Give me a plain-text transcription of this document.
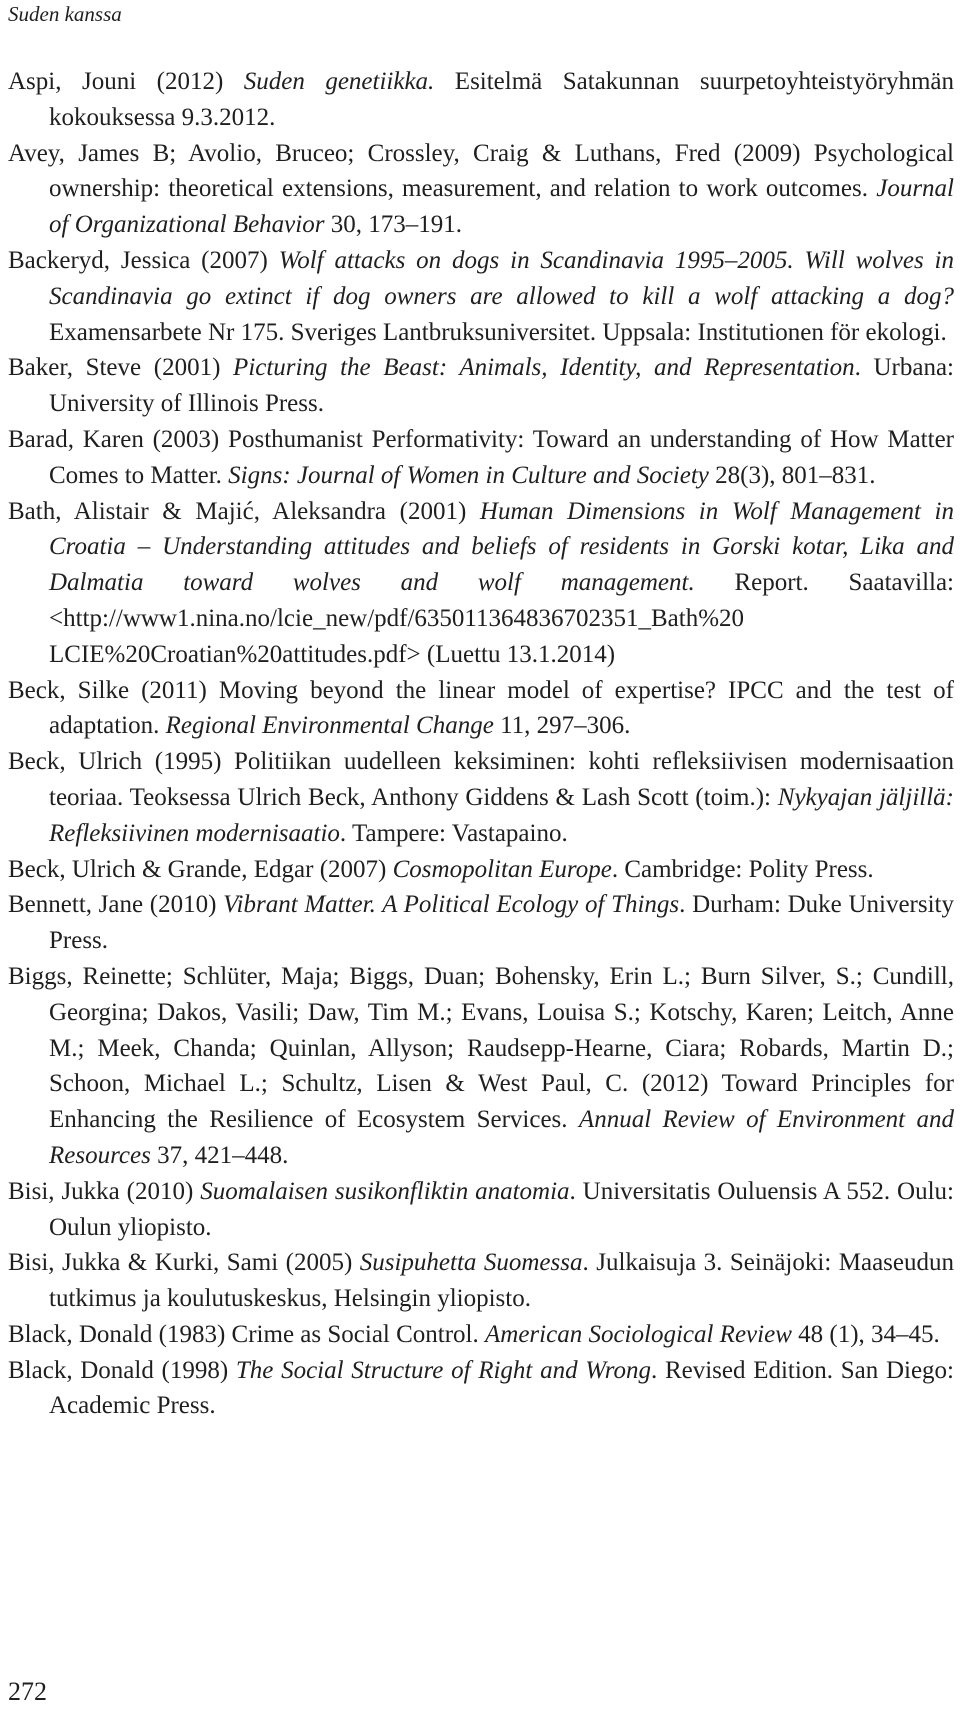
Suden kanssa
Aspi, Jouni (2012) Suden genetiikka. Esitelmä Satakunnan suurpetoyhteistyöryhmän kokouksessa 9.3.2012.
Avey, James B; Avolio, Bruceo; Crossley, Craig & Luthans, Fred (2009) Psychological ownership: theoretical extensions, measurement, and relation to work outcomes. Journal of Organizational Behavior 30, 173–191.
Backeryd, Jessica (2007) Wolf attacks on dogs in Scandinavia 1995–2005. Will wolves in Scandinavia go extinct if dog owners are allowed to kill a wolf attacking a dog? Examensarbete Nr 175. Sveriges Lantbruksuniversitet. Uppsala: Institutionen för ekologi.
Baker, Steve (2001) Picturing the Beast: Animals, Identity, and Representation. Urbana: University of Illinois Press.
Barad, Karen (2003) Posthumanist Performativity: Toward an understanding of How Matter Comes to Matter. Signs: Journal of Women in Culture and Society 28(3), 801–831.
Bath, Alistair & Majić, Aleksandra (2001) Human Dimensions in Wolf Management in Croatia – Understanding attitudes and beliefs of residents in Gorski kotar, Lika and Dalmatia toward wolves and wolf management. Report. Saatavilla: <http://www1.nina.no/lcie_new/pdf/635011364836702351_Bath%20 LCIE%20Croatian%20attitudes.pdf> (Luettu 13.1.2014)
Beck, Silke (2011) Moving beyond the linear model of expertise? IPCC and the test of adaptation. Regional Environmental Change 11, 297–306.
Beck, Ulrich (1995) Politiikan uudelleen keksiminen: kohti refleksiivisen modernisaation teoriaa. Teoksessa Ulrich Beck, Anthony Giddens & Lash Scott (toim.): Nykyajan jäljillä: Refleksiivinen modernisaatio. Tampere: Vastapaino.
Beck, Ulrich & Grande, Edgar (2007) Cosmopolitan Europe. Cambridge: Polity Press.
Bennett, Jane (2010) Vibrant Matter. A Political Ecology of Things. Durham: Duke University Press.
Biggs, Reinette; Schlüter, Maja; Biggs, Duan; Bohensky, Erin L.; Burn Silver, S.; Cundill, Georgina; Dakos, Vasili; Daw, Tim M.; Evans, Louisa S.; Kotschy, Karen; Leitch, Anne M.; Meek, Chanda; Quinlan, Allyson; Raudsepp-Hearne, Ciara; Robards, Martin D.; Schoon, Michael L.; Schultz, Lisen & West Paul, C. (2012) Toward Principles for Enhancing the Resilience of Ecosystem Services. Annual Review of Environment and Resources 37, 421–448.
Bisi, Jukka (2010) Suomalaisen susikonfliktin anatomia. Universitatis Ouluensis A 552. Oulu: Oulun yliopisto.
Bisi, Jukka & Kurki, Sami (2005) Susipuhetta Suomessa. Julkaisuja 3. Seinäjoki: Maaseudun tutkimus ja koulutuskeskus, Helsingin yliopisto.
Black, Donald (1983) Crime as Social Control. American Sociological Review 48 (1), 34–45.
Black, Donald (1998) The Social Structure of Right and Wrong. Revised Edition. San Diego: Academic Press.
272
